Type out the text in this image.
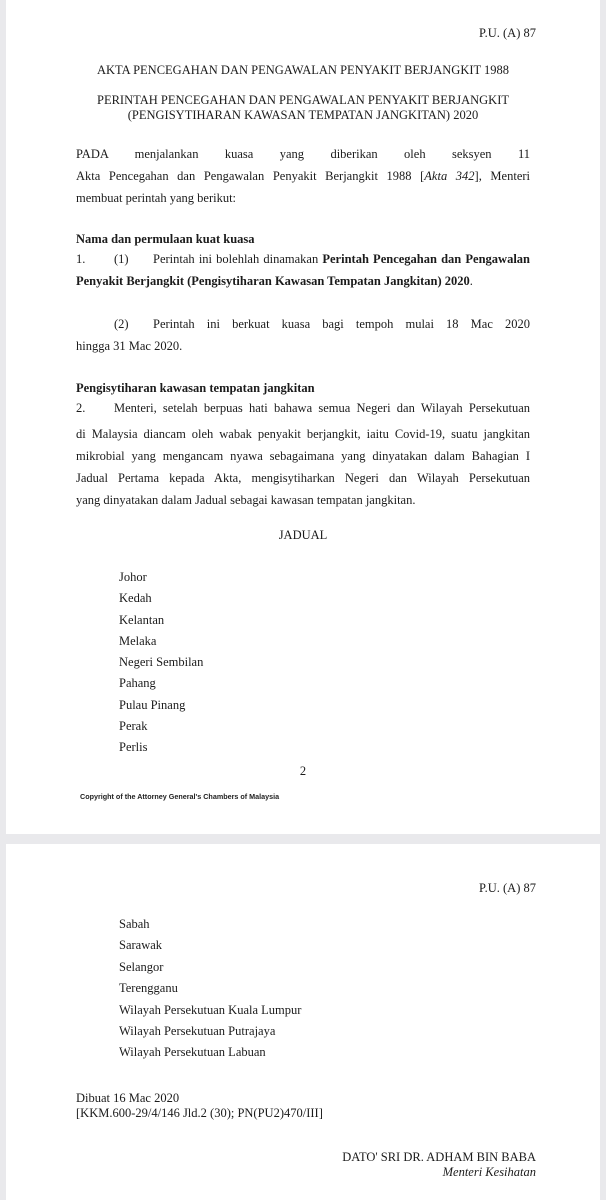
P.U. (A) 87
AKTA PENCEGAHAN DAN PENGAWALAN PENYAKIT BERJANGKIT 1988
PERINTAH PENCEGAHAN DAN PENGAWALAN PENYAKIT BERJANGKIT
(PENGISYTIHARAN KAWASAN TEMPATAN JANGKITAN) 2020
PADA menjalankan kuasa yang diberikan oleh seksyen 11
Akta Pencegahan dan Pengawalan Penyakit Berjangkit 1988 [Akta 342], Menteri
membuat perintah yang berikut:
Nama dan permulaan kuat kuasa
1. (1) Perintah ini bolehlah dinamakan Perintah Pencegahan dan Pengawalan
Penyakit Berjangkit (Pengisytiharan Kawasan Tempatan Jangkitan) 2020.
(2) Perintah ini berkuat kuasa bagi tempoh mulai 18 Mac 2020
hingga 31 Mac 2020.
Pengisytiharan kawasan tempatan jangkitan
2. Menteri, setelah berpuas hati bahawa semua Negeri dan Wilayah Persekutuan
di Malaysia diancam oleh wabak penyakit berjangkit, iaitu Covid-19, suatu jangkitan
mikrobial yang mengancam nyawa sebagaimana yang dinyatakan dalam Bahagian I
Jadual Pertama kepada Akta, mengisytiharkan Negeri dan Wilayah Persekutuan
yang dinyatakan dalam Jadual sebagai kawasan tempatan jangkitan.
JADUAL
Johor
Kedah
Kelantan
Melaka
Negeri Sembilan
Pahang
Pulau Pinang
Perak
Perlis
2
Copyright of the Attorney General's Chambers of Malaysia
P.U. (A) 87
Sabah
Sarawak
Selangor
Terengganu
Wilayah Persekutuan Kuala Lumpur
Wilayah Persekutuan Putrajaya
Wilayah Persekutuan Labuan
Dibuat 16 Mac 2020
[KKM.600-29/4/146 Jld.2 (30); PN(PU2)470/III]
DATO' SRI DR. ADHAM BIN BABA
Menteri Kesihatan
